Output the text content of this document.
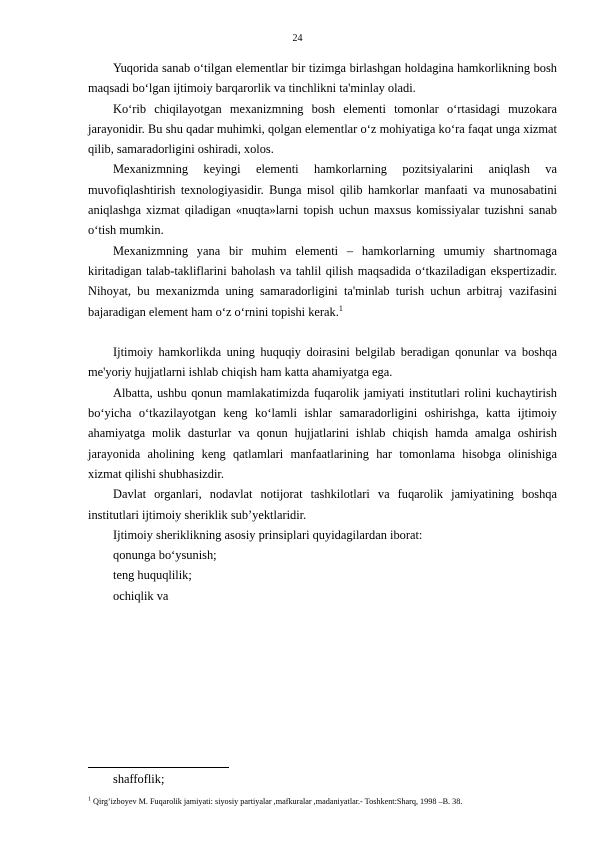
24

Yuqorida sanab o‘tilgan elementlar bir tizimga birlashgan holdagina hamkorlikning bosh maqsadi bo‘lgan ijtimoiy barqarorlik va tinchlikni ta'minlay oladi.

Ko‘rib chiqilayotgan mexanizmning bosh elementi tomonlar o‘rtasidagi muzokara jarayonidir. Bu shu qadar muhimki, qolgan elementlar o‘z mohiyatiga ko‘ra faqat unga xizmat qilib, samaradorligini oshiradi, xolos.

Mexanizmning keyingi elementi hamkorlarning pozitsiyalarini aniqlash va muvofiqlashtirish texnologiyasidir. Bunga misol qilib hamkorlar manfaati va munosabatini aniqlashga xizmat qiladigan «nuqta»larni topish uchun maxsus komissiyalar tuzishni sanab o‘tish mumkin.

Mexanizmning yana bir muhim elementi – hamkorlarning umumiy shartnomaga kiritadigan talab-takliflarini baholash va tahlil qilish maqsadida o‘tkaziladigan ekspertizadir. Nihoyat, bu mexanizmda uning samaradorligini ta'minlab turish uchun arbitraj vazifasini bajaradigan element ham o‘z o‘rnini topishi kerak.$^1$

Ijtimoiy hamkorlikda uning huquqiy doirasini belgilab beradigan qonunlar va boshqa me'yoriy hujjatlarni ishlab chiqish ham katta ahamiyatga ega.

Albatta, ushbu qonun mamlakatimizda fuqarolik jamiyati institutlari rolini kuchaytirish bo‘yicha o‘tkazilayotgan keng ko‘lamli ishlar samaradorligini oshirishga, katta ijtimoiy ahamiyatga molik dasturlar va qonun hujjatlarini ishlab chiqish hamda amalga oshirish jarayonida aholining keng qatlamlari manfaatlarining har tomonlama hisobga olinishiga xizmat qilishi shubhasizdir.

Davlat organlari, nodavlat notijorat tashkilotlari va fuqarolik jamiyatining boshqa institutlari ijtimoiy sheriklik sub’yektlaridir.

Ijtimoiy sheriklikning asosiy prinsiplari quyidagilardan iborat:

qonunga bo‘ysunish;

teng huquqlilik;

ochiqlik va

shaffoflik;
$^1$ Qirg’izboyev M. Fuqarolik jamiyati: siyosiy partiyalar ,mafkuralar ,madaniyatlar.- Toshkent:Sharq, 1998 –B. 38.
